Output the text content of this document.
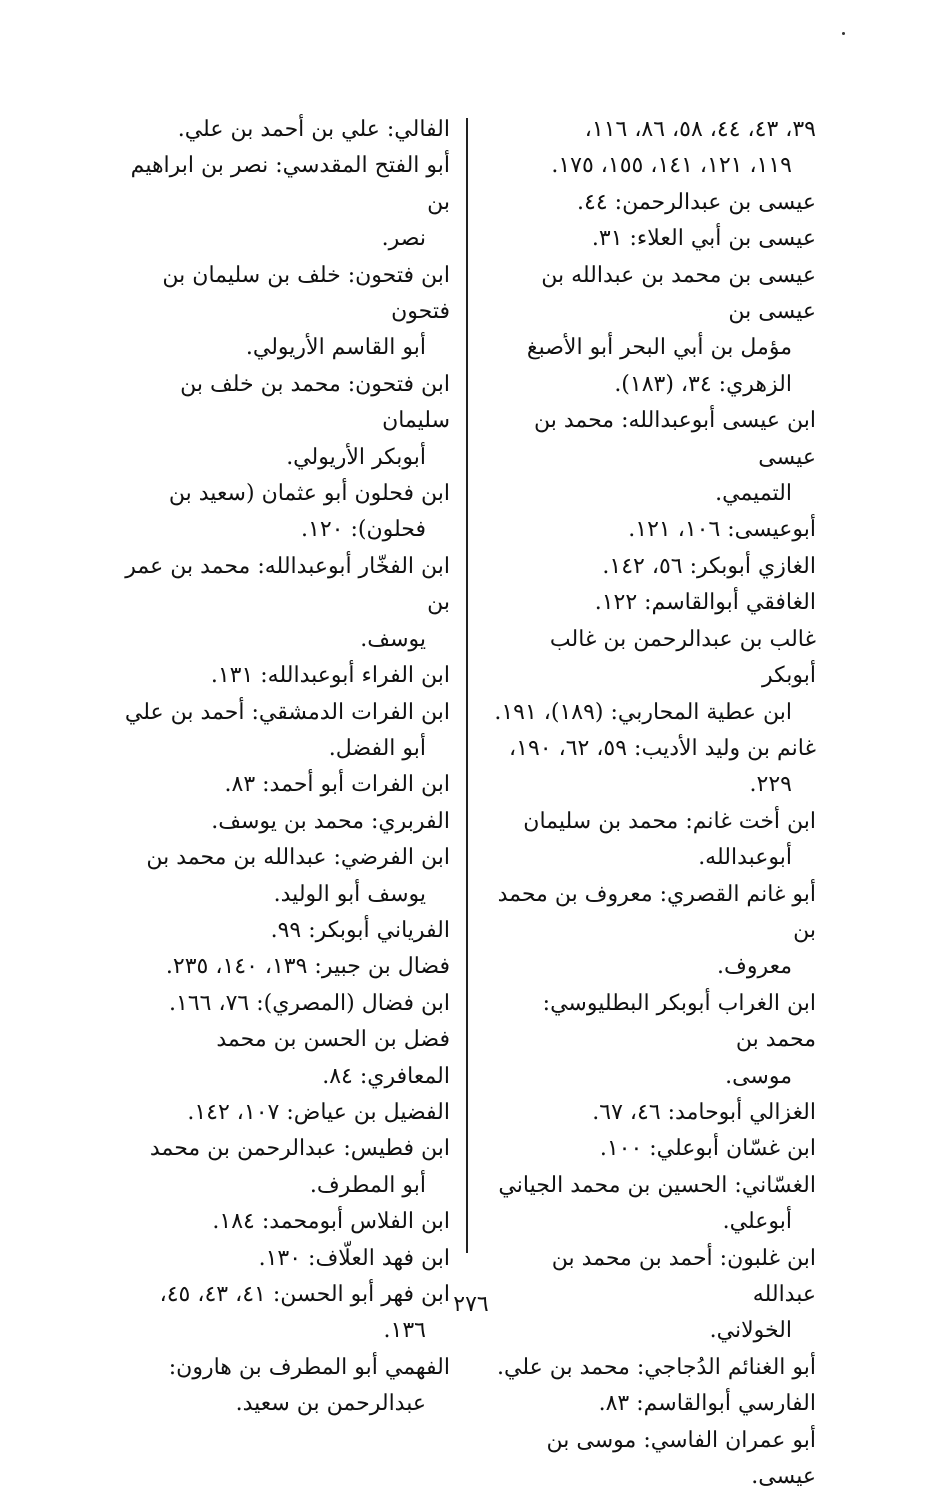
٣٩، ٤٣، ٤٤، ٥٨، ٨٦، ١١٦،
١١٩، ١٢١، ١٤١، ١٥٥، ١٧٥.
عيسى بن عبدالرحمن: ٤٤.
عيسى بن أبي العلاء: ٣١.
عيسى بن محمد بن عبدالله بن عيسى بن
مؤمل بن أبي البحر أبو الأصبغ
الزهري: ٣٤، (١٨٣).
ابن عيسى أبوعبدالله: محمد بن عيسى
التميمي.
أبوعيسى: ١٠٦، ١٢١.
الغازي أبوبكر: ٥٦، ١٤٢.
الغافقي أبوالقاسم: ١٢٢.
غالب بن عبدالرحمن بن غالب أبوبكر
ابن عطية المحاربي: (١٨٩)، ١٩١.
غانم بن وليد الأديب: ٥٩، ٦٢، ١٩٠،
٢٢٩.
ابن أخت غانم: محمد بن سليمان
أبوعبدالله.
أبو غانم القصري: معروف بن محمد بن
معروف.
ابن الغراب أبوبكر البطليوسي: محمد بن
موسى.
الغزالي أبوحامد: ٤٦، ٦٧.
ابن غسّان أبوعلي: ١٠٠.
الغسّاني: الحسين بن محمد الجياني
أبوعلي.
ابن غلبون: أحمد بن محمد بن عبدالله
الخولاني.
أبو الغنائم الدُجاجي: محمد بن علي.
الفارسي أبوالقاسم: ٨٣.
أبو عمران الفاسي: موسى بن عيسى.
الفالي: علي بن أحمد بن علي.
أبو الفتح المقدسي: نصر بن ابراهيم بن
نصر.
ابن فتحون: خلف بن سليمان بن فتحون
أبو القاسم الأريولي.
ابن فتحون: محمد بن خلف بن سليمان
أبوبكر الأريولي.
ابن فحلون أبو عثمان (سعيد بن
فحلون): ١٢٠.
ابن الفخّار أبوعبدالله: محمد بن عمر بن
يوسف.
ابن الفراء أبوعبدالله: ١٣١.
ابن الفرات الدمشقي: أحمد بن علي
أبو الفضل.
ابن الفرات أبو أحمد: ٨٣.
الفربري: محمد بن يوسف.
ابن الفرضي: عبدالله بن محمد بن
يوسف أبو الوليد.
الفرياني أبوبكر: ٩٩.
فضال بن جبير: ١٣٩، ١٤٠، ٢٣٥.
ابن فضال (المصري): ٧٦، ١٦٦.
فضل بن الحسن بن محمد المعافري: ٨٤.
الفضيل بن عياض: ١٠٧، ١٤٢.
ابن فطيس: عبدالرحمن بن محمد
أبو المطرف.
ابن الفلاس أبومحمد: ١٨٤.
ابن فهد العلّاف: ١٣٠.
ابن فهر أبو الحسن: ٤١، ٤٣، ٤٥،
١٣٦.
الفهمي أبو المطرف بن هارون:
عبدالرحمن بن سعيد.
٢٧٦
